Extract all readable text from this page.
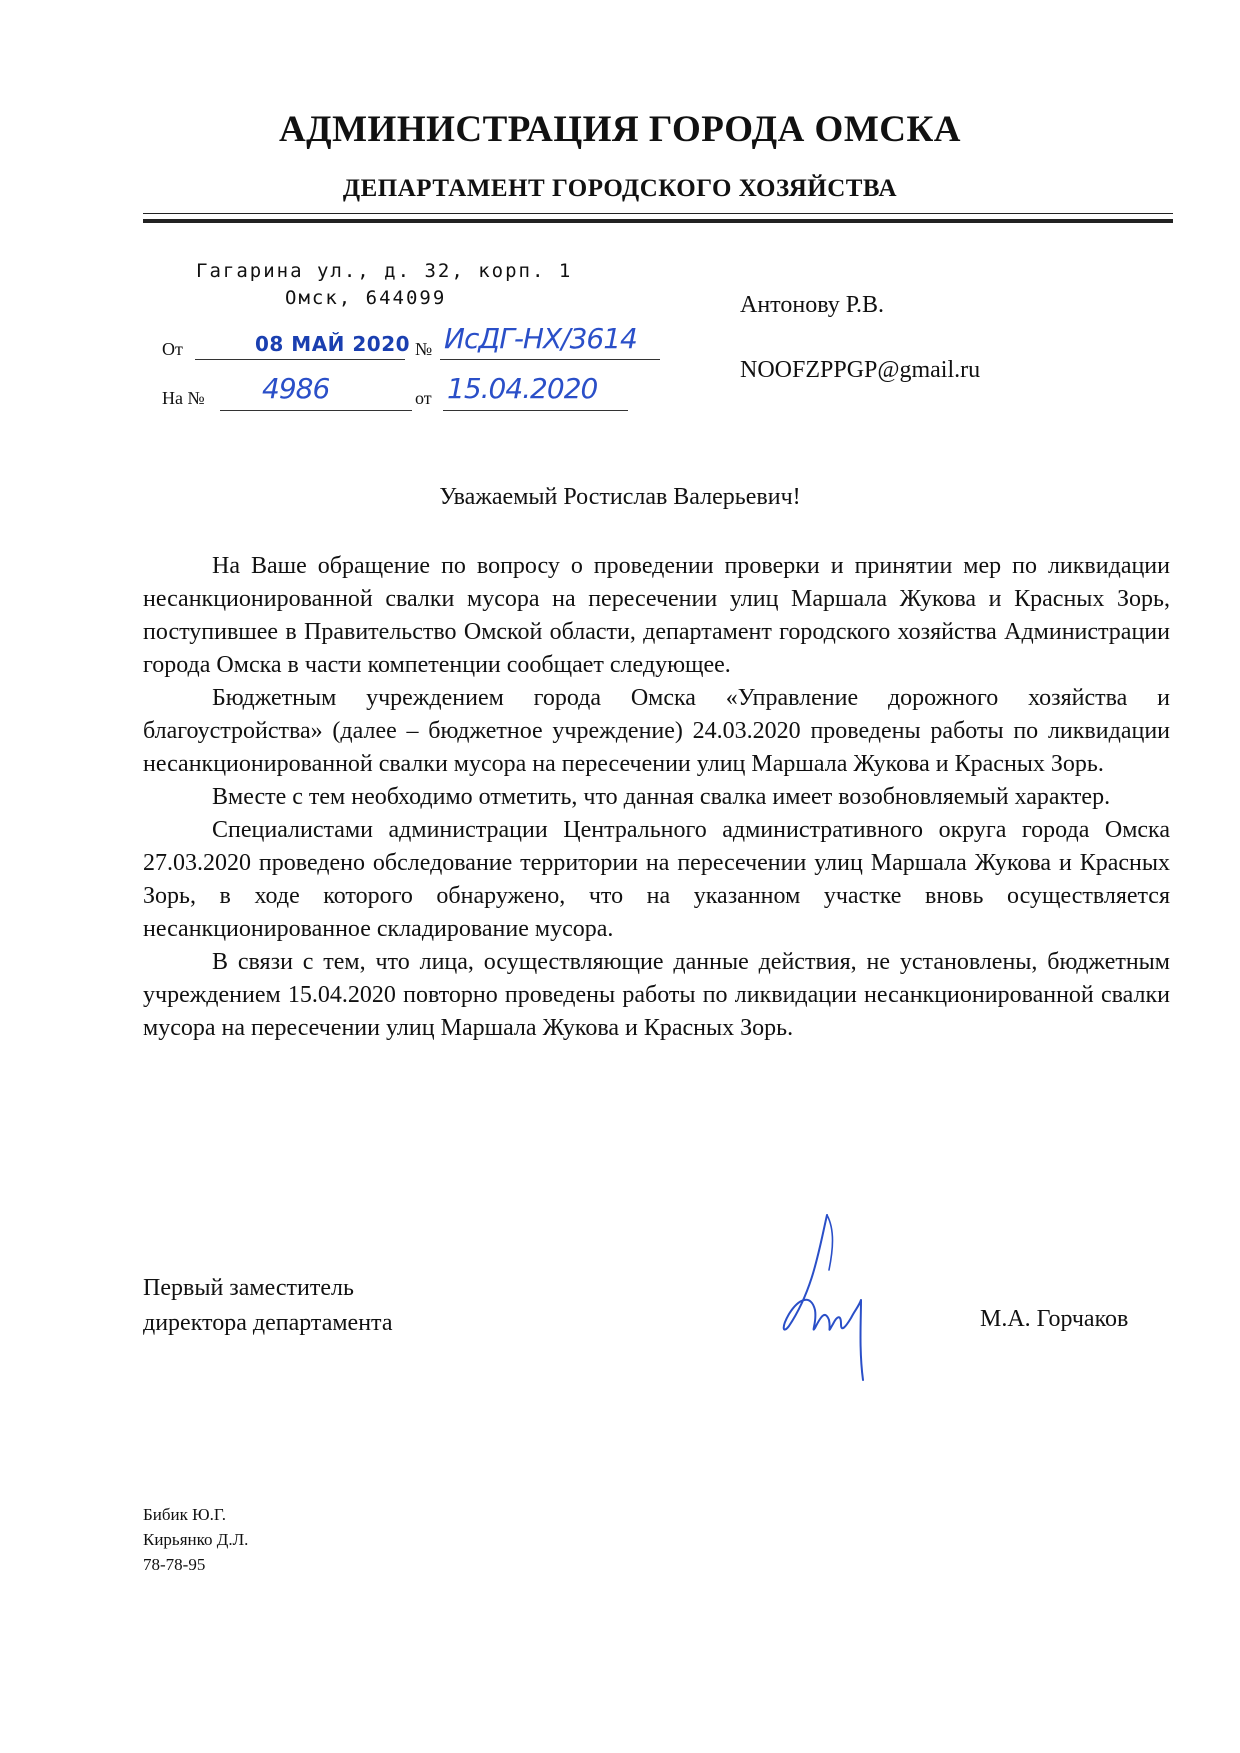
АДМИНИСТРАЦИЯ ГОРОДА ОМСКА
ДЕПАРТАМЕНТ ГОРОДСКОГО ХОЗЯЙСТВА
Гагарина ул., д. 32, корп. 1
Омск, 644099
От	08 МАЙ 2020 № ИсДГ-НХ/3614
На № 4986	от 15.04.2020
Антонову Р.В.
NOOFZPPGP@gmail.ru
Уважаемый Ростислав Валерьевич!

На Ваше обращение по вопросу о проведении проверки и принятии мер по ликвидации несанкционированной свалки мусора на пересечении улиц Маршала Жукова и Красных Зорь, поступившее в Правительство Омской области, департамент городского хозяйства Администрации города Омска в части компетенции сообщает следующее.

Бюджетным учреждением города Омска «Управление дорожного хозяйства и благоустройства» (далее – бюджетное учреждение) 24.03.2020 проведены работы по ликвидации несанкционированной свалки мусора на пересечении улиц Маршала Жукова и Красных Зорь.

Вместе с тем необходимо отметить, что данная свалка имеет возобновляемый характер.

Специалистами администрации Центрального административного округа города Омска 27.03.2020 проведено обследование территории на пересечении улиц Маршала Жукова и Красных Зорь, в ходе которого обнаружено, что на указанном участке вновь осуществляется несанкционированное складирование мусора.

В связи с тем, что лица, осуществляющие данные действия, не установлены, бюджетным учреждением 15.04.2020 повторно проведены работы по ликвидации несанкционированной свалки мусора на пересечении улиц Маршала Жукова и Красных Зорь.

Первый заместитель
директора департамента	М.А. Горчаков
Бибик Ю.Г.
Кирьянко Д.Л.
78-78-95
